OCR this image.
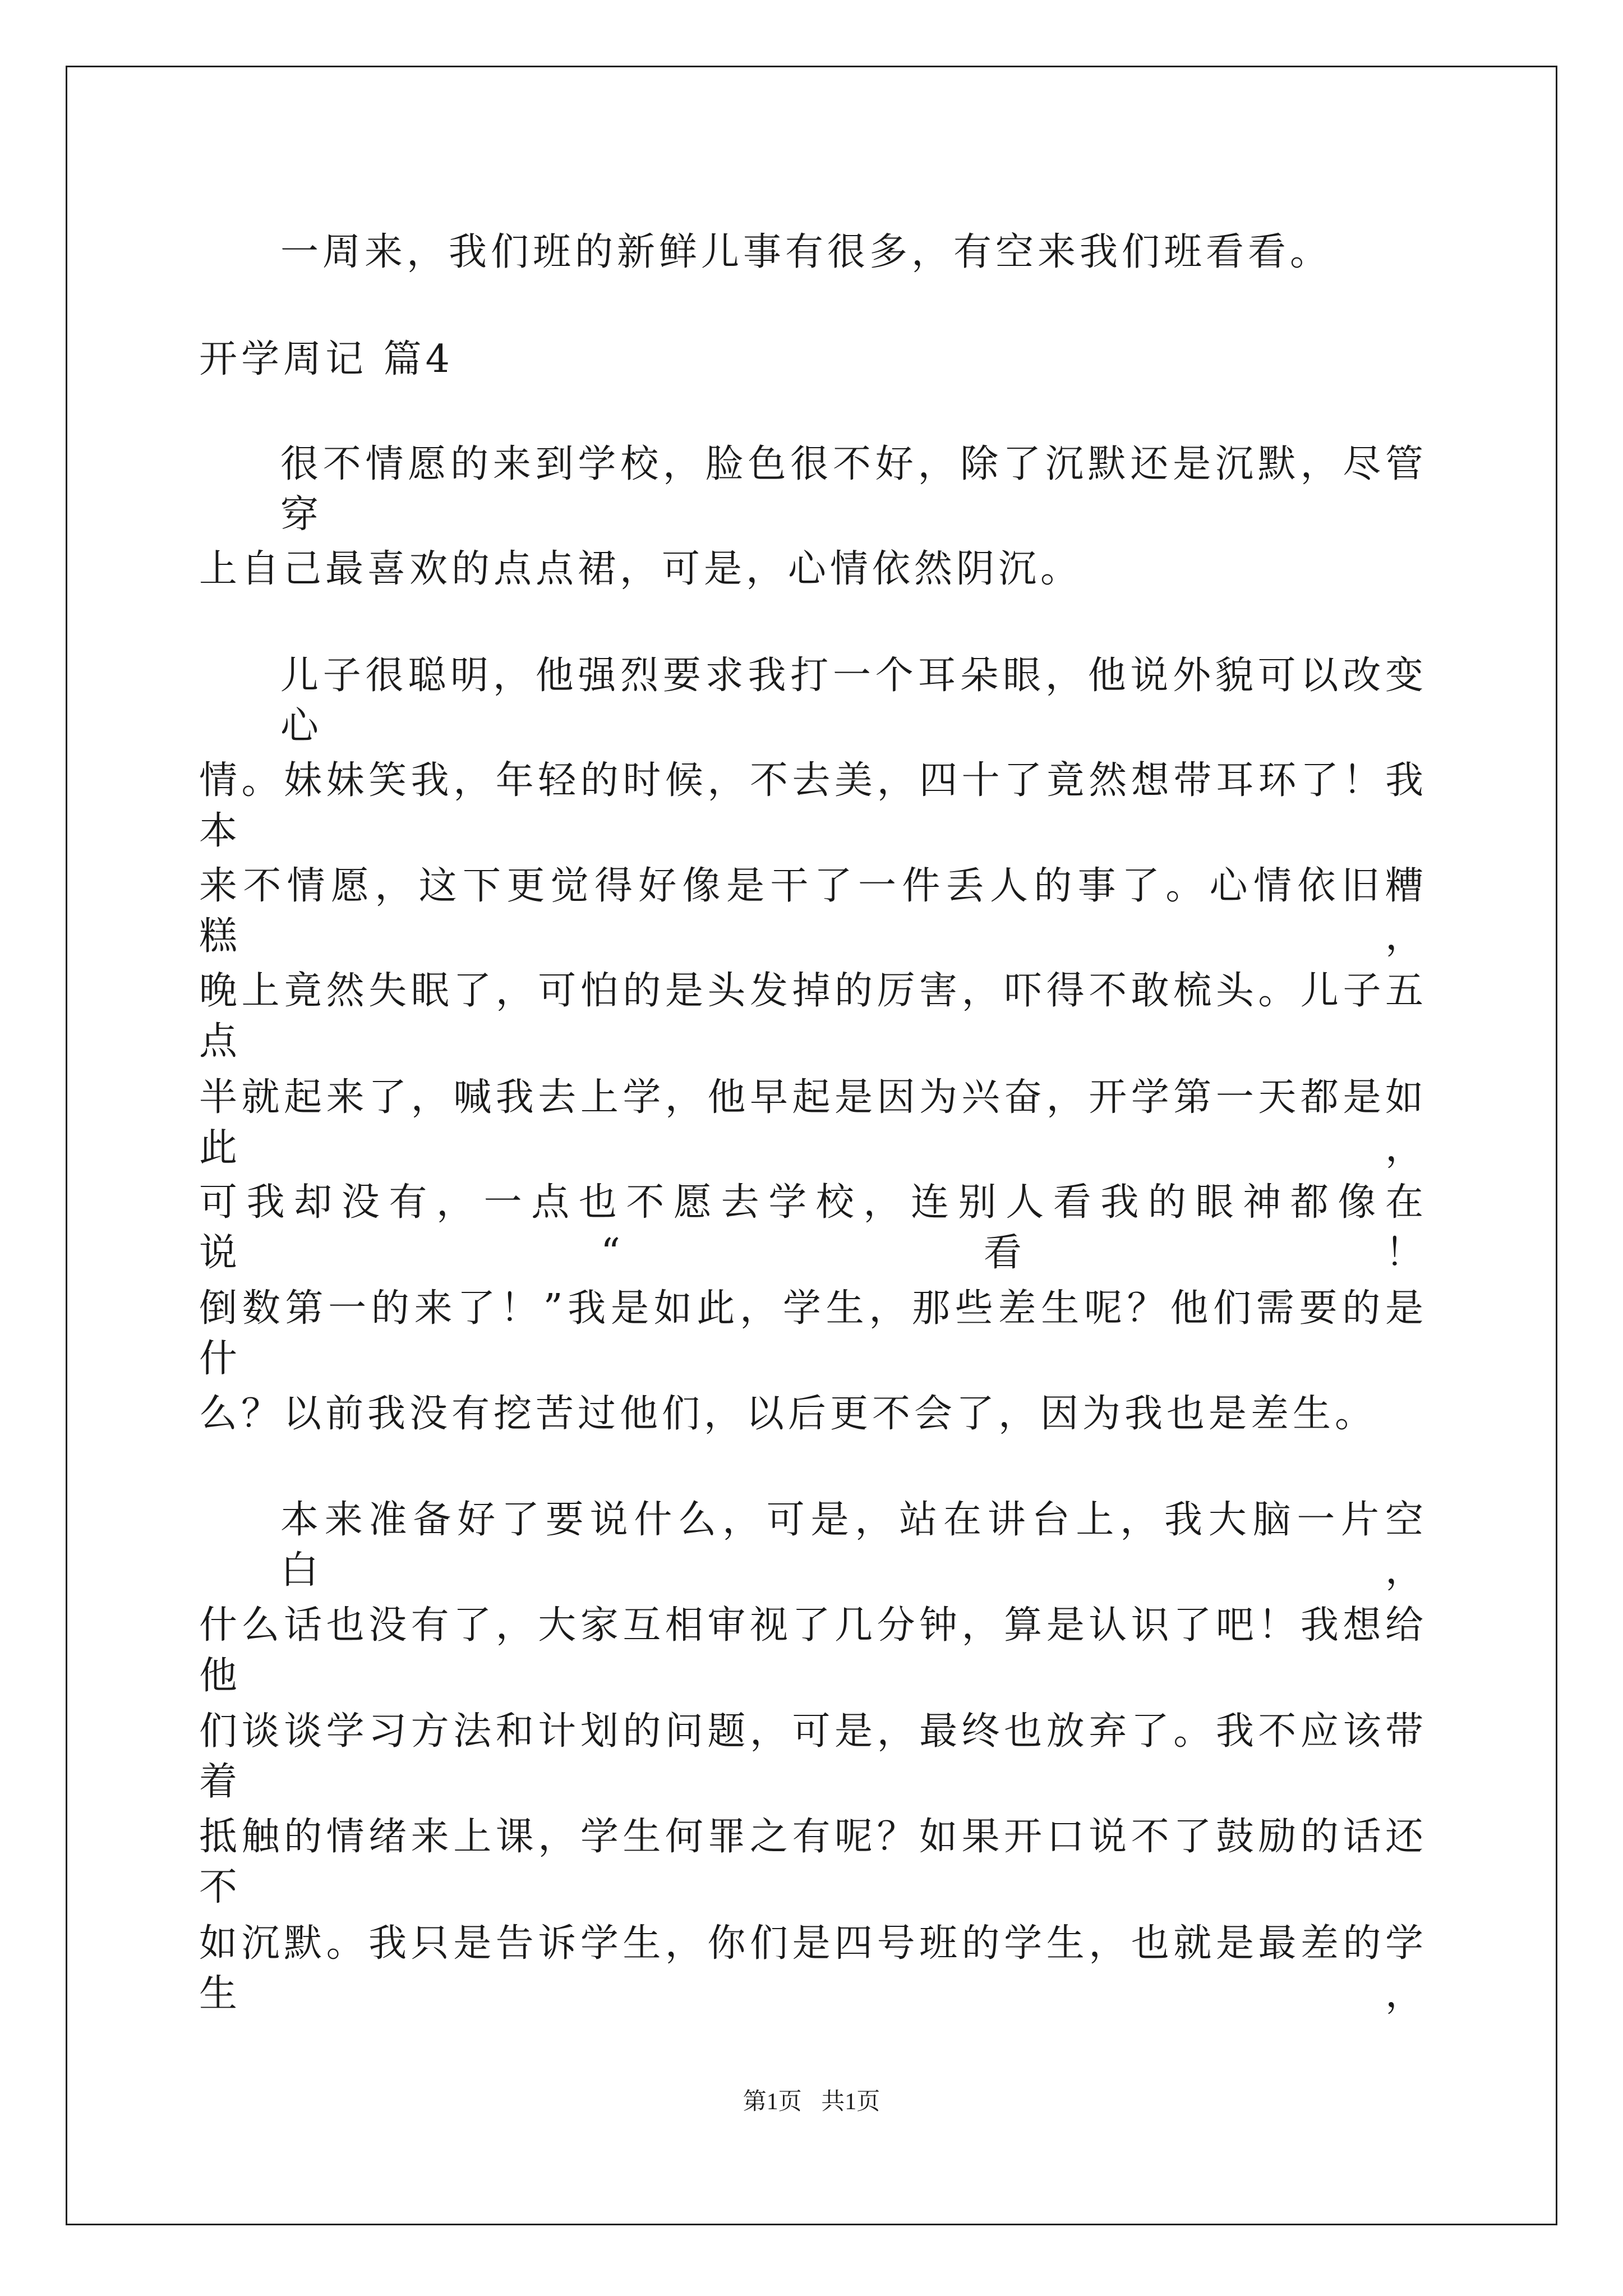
一周来，我们班的新鲜儿事有很多，有空来我们班看看。
开学周记 篇4
很不情愿的来到学校，脸色很不好，除了沉默还是沉默，尽管穿
上自己最喜欢的点点裙，可是，心情依然阴沉。
儿子很聪明，他强烈要求我打一个耳朵眼，他说外貌可以改变心
情。妹妹笑我，年轻的时候，不去美，四十了竟然想带耳环了！我本
来不情愿，这下更觉得好像是干了一件丢人的事了。心情依旧糟糕，
晚上竟然失眠了，可怕的是头发掉的厉害，吓得不敢梳头。儿子五点
半就起来了，喊我去上学，他早起是因为兴奋，开学第一天都是如此，
可我却没有，一点也不愿去学校，连别人看我的眼神都像在说“看！
倒数第一的来了！”我是如此，学生，那些差生呢？他们需要的是什
么？以前我没有挖苦过他们，以后更不会了，因为我也是差生。
本来准备好了要说什么，可是，站在讲台上，我大脑一片空白，
什么话也没有了，大家互相审视了几分钟，算是认识了吧！我想给他
们谈谈学习方法和计划的问题，可是，最终也放弃了。我不应该带着
抵触的情绪来上课，学生何罪之有呢？如果开口说不了鼓励的话还不
如沉默。我只是告诉学生，你们是四号班的学生，也就是最差的学生，
第1页 共1页
